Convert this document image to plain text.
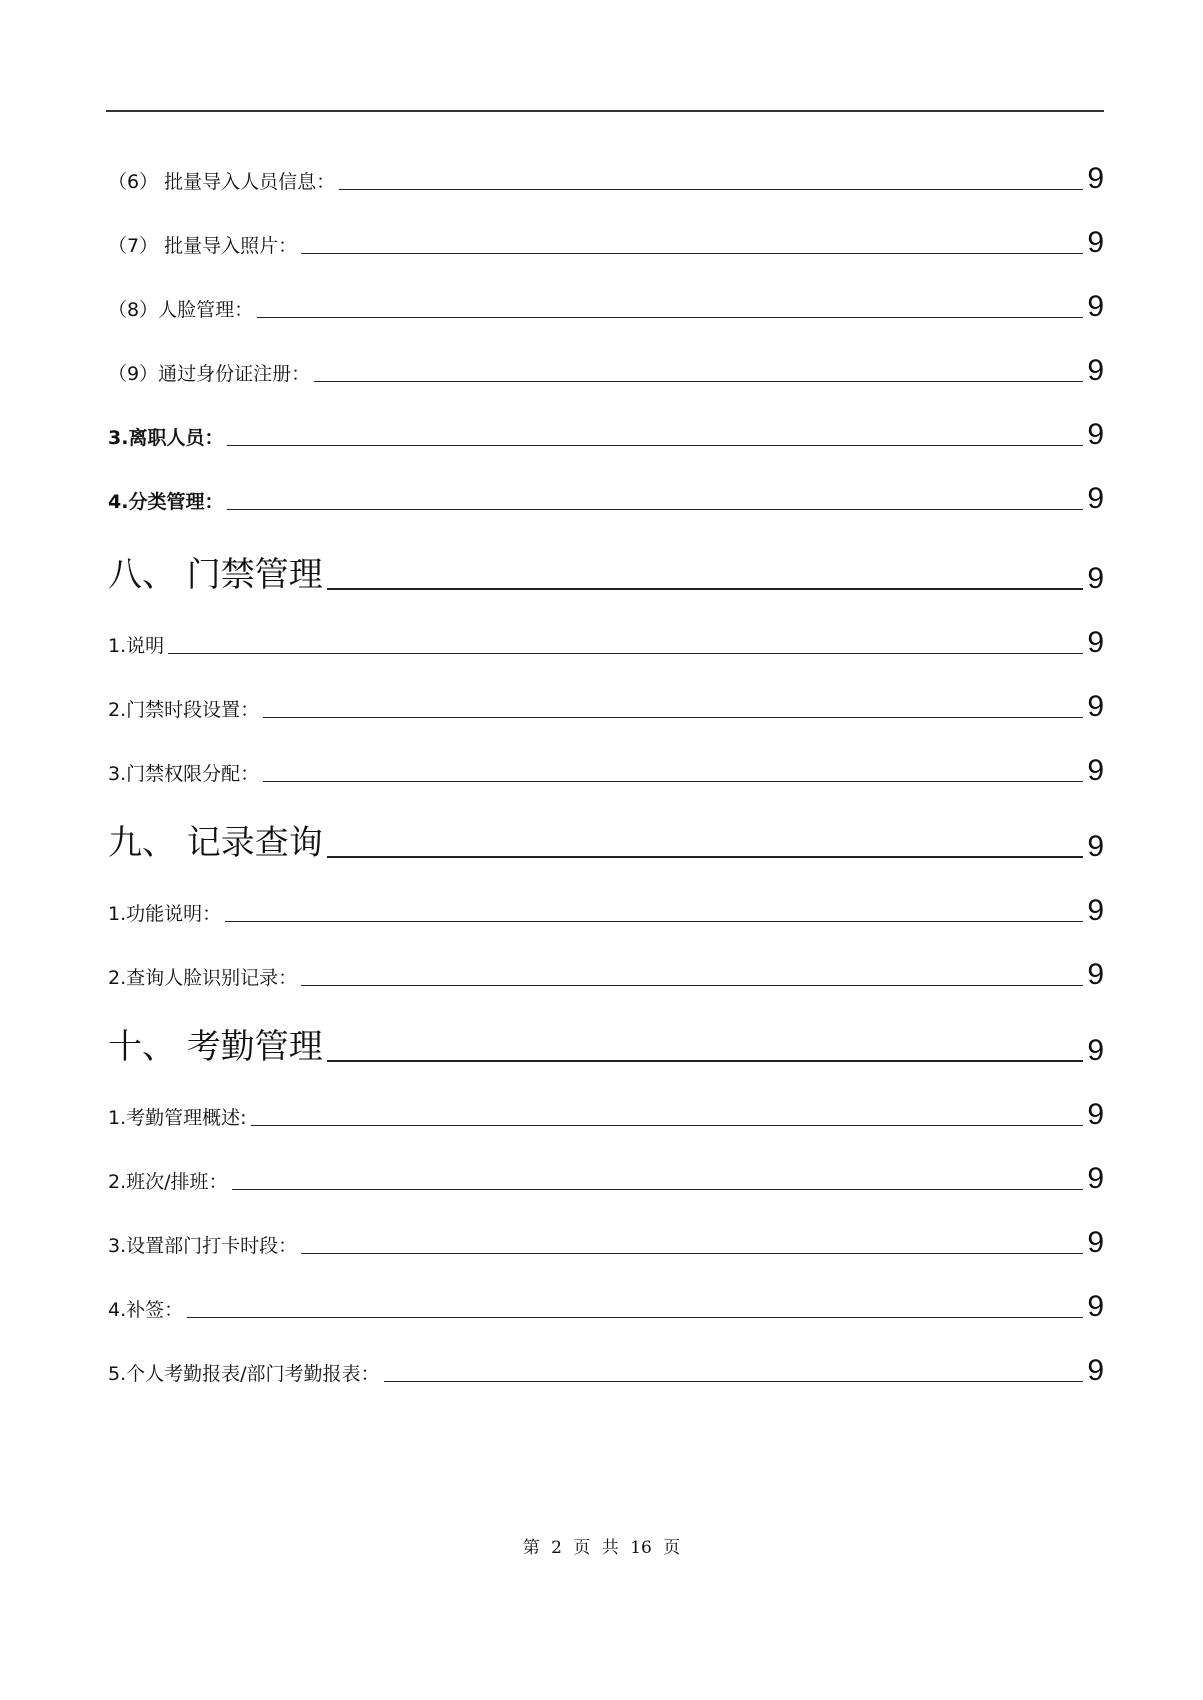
（6） 批量导入人员信息：	9
（7） 批量导入照片：	9
（8）人脸管理：	9
（9）通过身份证注册：	9
3.离职人员：	9
4.分类管理：	9
八、 门禁管理	9
1.说明	9
2.门禁时段设置：	9
3.门禁权限分配：	9
九、 记录查询	9
1.功能说明：	9
2.查询人脸识别记录：	9
十、 考勤管理	9
1.考勤管理概述:	9
2.班次/排班：	9
3.设置部门打卡时段：	9
4.补签：	9
5.个人考勤报表/部门考勤报表：	9
第 2 页 共 16 页
